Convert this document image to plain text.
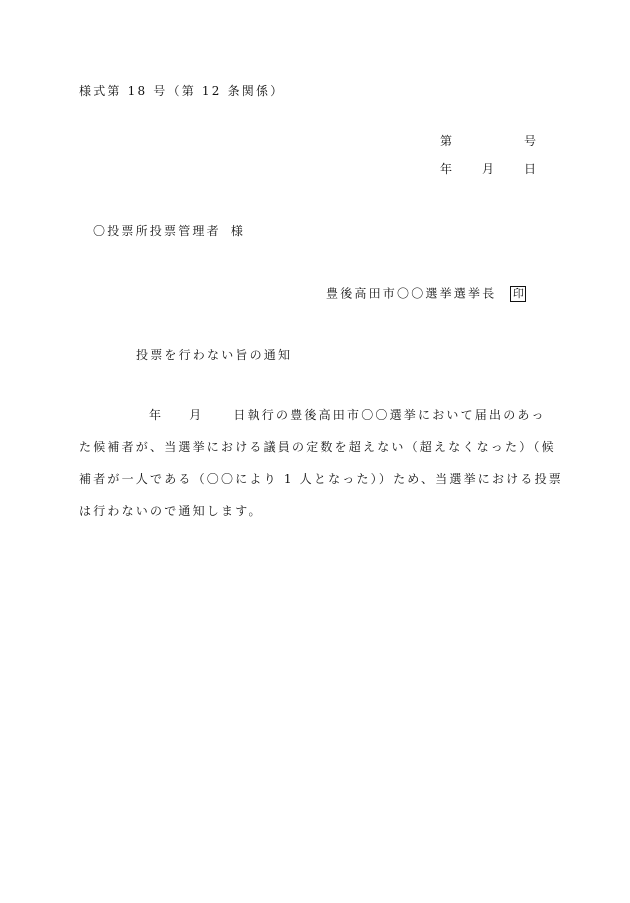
様式第 18 号（第 12 条関係）
第	号
年 月 日
〇投票所投票管理者 様
豊後高田市〇〇選挙選挙長 印
投票を行わない旨の通知
年 月	日執行の豊後高田市〇〇選挙において届出のあっ
た候補者が、当選挙における議員の定数を超えない（超えなくなった）（候
補者が一人である（〇〇により 1 人となった））ため、当選挙における投票
は行わないので通知します。
